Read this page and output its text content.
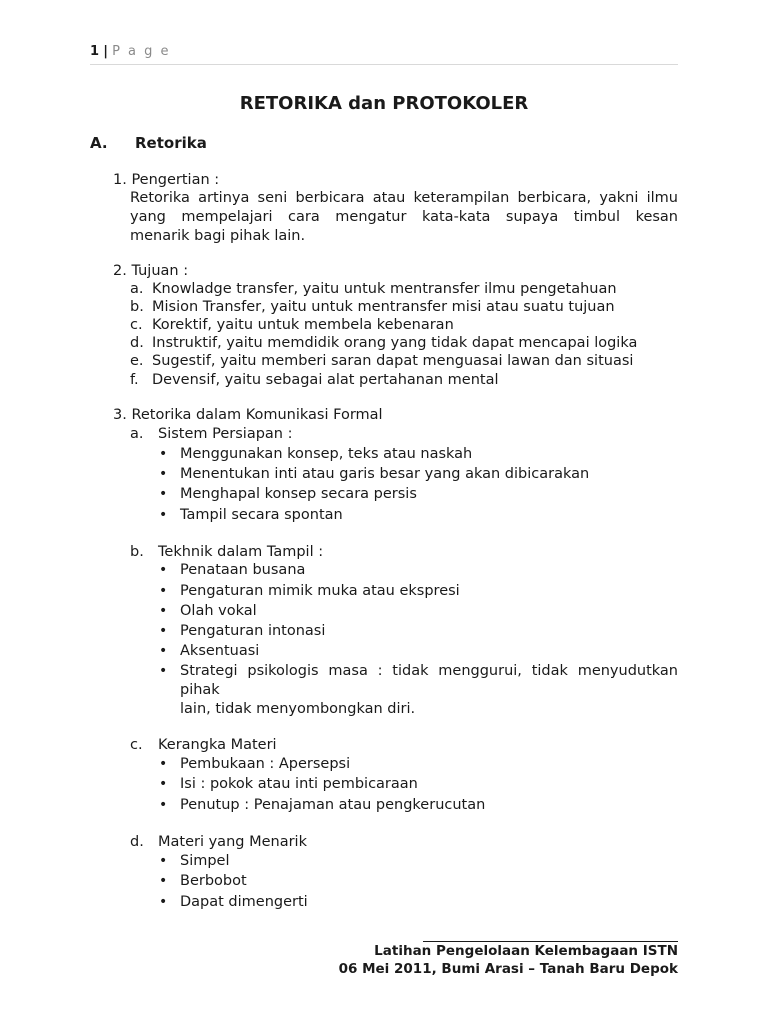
1 | P a g e
RETORIKA dan PROTOKOLER
A.	Retorika
1. Pengertian :
Retorika artinya seni berbicara atau keterampilan berbicara, yakni ilmu
yang mempelajari cara mengatur kata-kata supaya timbul kesan
menarik bagi pihak lain.
2. Tujuan :
a. Knowladge transfer, yaitu untuk mentransfer ilmu pengetahuan
b. Mision Transfer, yaitu untuk mentransfer misi atau suatu tujuan
c. Korektif, yaitu untuk membela kebenaran
d. Instruktif, yaitu memdidik orang yang tidak dapat mencapai logika
e. Sugestif, yaitu memberi saran dapat menguasai lawan dan situasi
f. Devensif, yaitu sebagai alat pertahanan mental
3. Retorika dalam Komunikasi Formal
a. Sistem Persiapan :
• Menggunakan konsep, teks atau naskah
• Menentukan inti atau garis besar yang akan dibicarakan
• Menghapal konsep secara persis
• Tampil secara spontan
b. Tekhnik dalam Tampil :
• Penataan busana
• Pengaturan mimik muka atau ekspresi
• Olah vokal
• Pengaturan intonasi
• Aksentuasi
• Strategi psikologis masa : tidak menggurui, tidak menyudutkan
pihak
lain, tidak menyombongkan diri.
c. Kerangka Materi
• Pembukaan : Apersepsi
• Isi : pokok atau inti pembicaraan
• Penutup : Penajaman atau pengkerucutan
d. Materi yang Menarik
• Simpel
• Berbobot
• Dapat dimengerti
Latihan Pengelolaan Kelembagaan ISTN
06 Mei 2011, Bumi Arasi – Tanah Baru Depok
